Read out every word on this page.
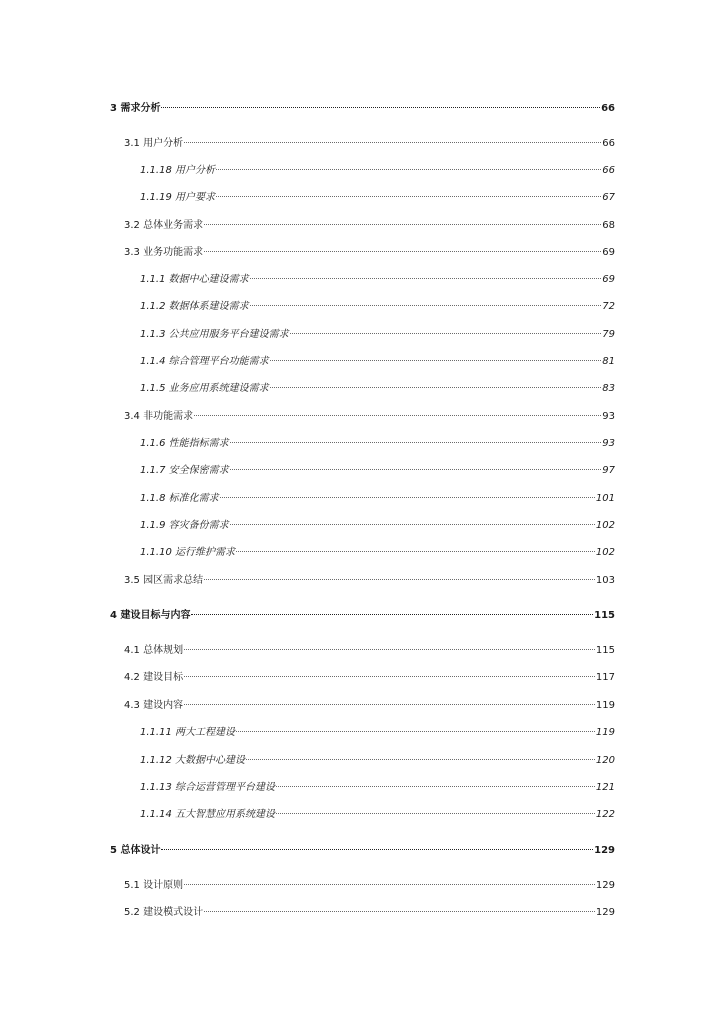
3 需求分析	66
3.1 用户分析	66
1.1.18 用户分析	66
1.1.19 用户要求	67
3.2 总体业务需求	68
3.3 业务功能需求	69
1.1.1 数据中心建设需求	69
1.1.2 数据体系建设需求	72
1.1.3 公共应用服务平台建设需求	79
1.1.4 综合管理平台功能需求	81
1.1.5 业务应用系统建设需求	83
3.4 非功能需求	93
1.1.6 性能指标需求	93
1.1.7 安全保密需求	97
1.1.8 标准化需求	101
1.1.9 容灾备份需求	102
1.1.10 运行维护需求	102
3.5 园区需求总结	103
4 建设目标与内容	115
4.1 总体规划	115
4.2 建设目标	117
4.3 建设内容	119
1.1.11 两大工程建设	119
1.1.12 大数据中心建设	120
1.1.13 综合运营管理平台建设	121
1.1.14 五大智慧应用系统建设	122
5 总体设计	129
5.1 设计原则	129
5.2 建设模式设计	129
